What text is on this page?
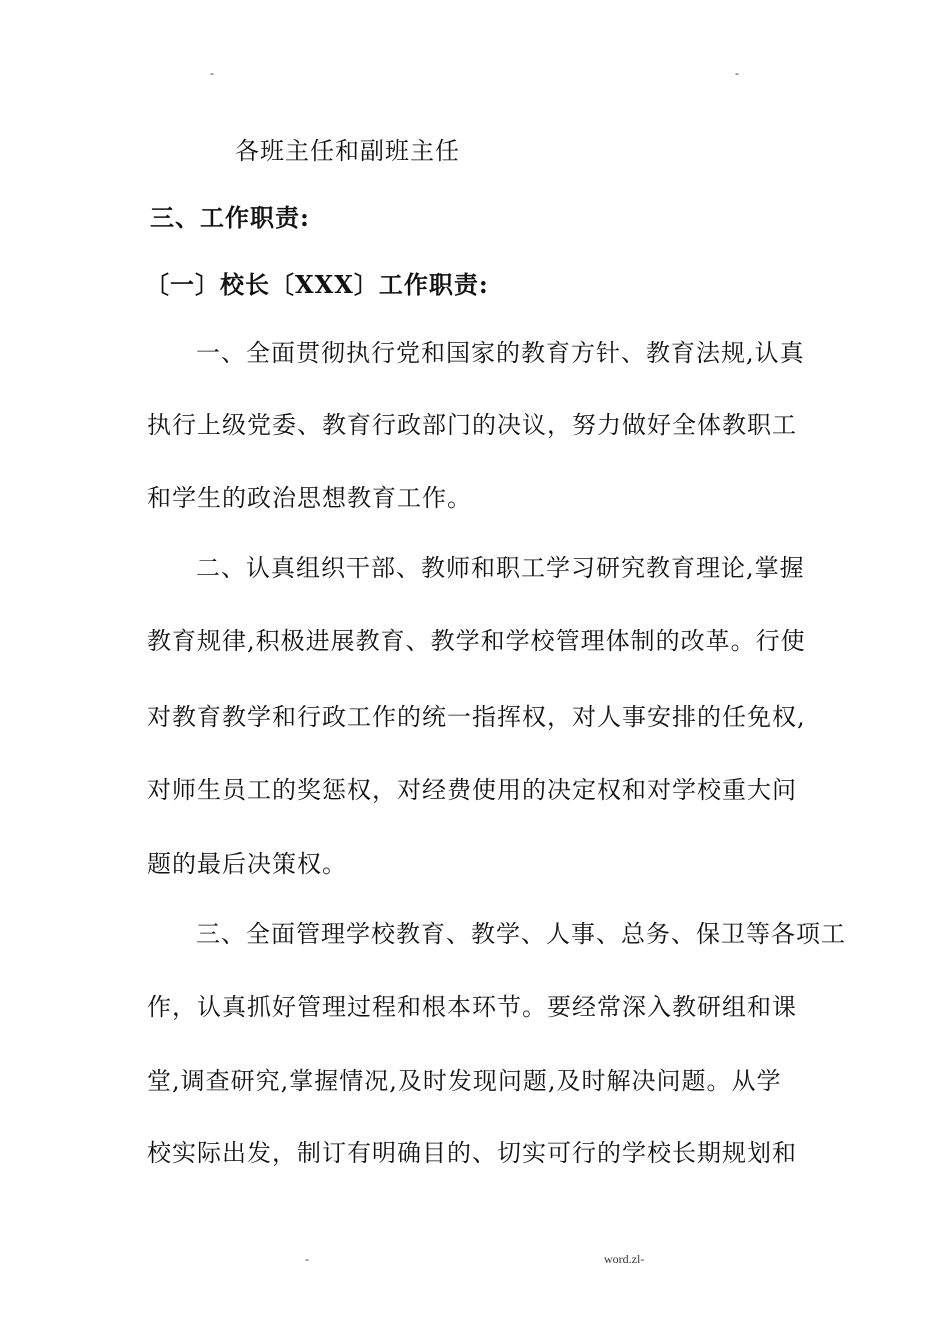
-	-
各班主任和副班主任
三、工作职责:
〔一〕校长〔XXX〕工作职责:
一、全面贯彻执行党和国家的教育方针、教育法规,认真
执行上级党委、教育行政部门的决议，努力做好全体教职工
和学生的政治思想教育工作。
二、认真组织干部、教师和职工学习研究教育理论,掌握
教育规律,积极进展教育、教学和学校管理体制的改革。行使
对教育教学和行政工作的统一指挥权，对人事安排的任免权,
对师生员工的奖惩权，对经费使用的决定权和对学校重大问
题的最后决策权。
三、全面管理学校教育、教学、人事、总务、保卫等各项工
作，认真抓好管理过程和根本环节。要经常深入教研组和课
堂,调查研究,掌握情况,及时发现问题,及时解决问题。从学
校实际出发，制订有明确目的、切实可行的学校长期规划和
-	word.zl-
